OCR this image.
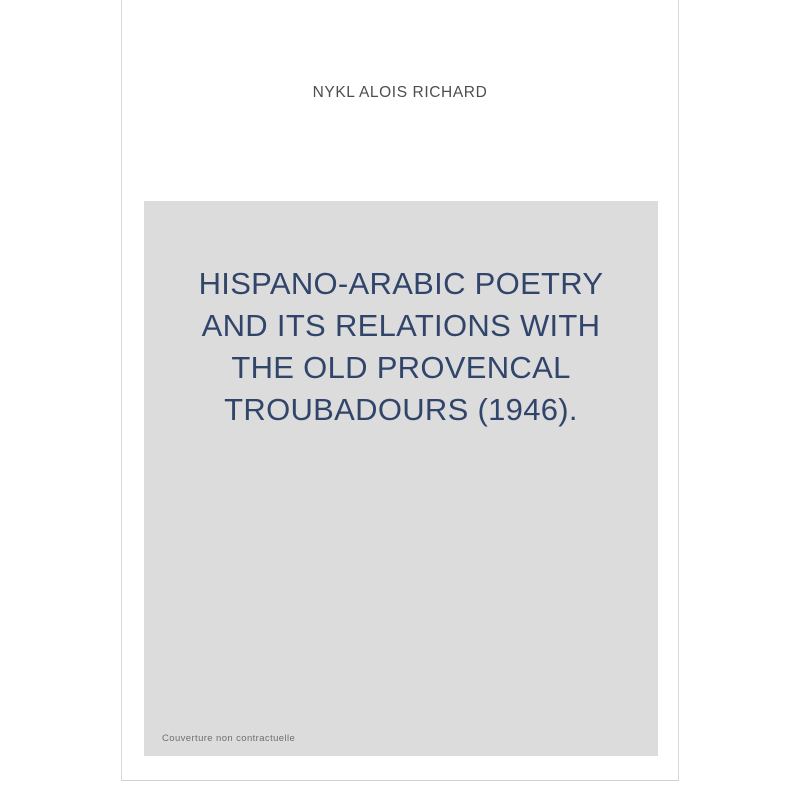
NYKL ALOIS RICHARD
HISPANO-ARABIC POETRY
AND ITS RELATIONS WITH
THE OLD PROVENCAL
TROUBADOURS (1946).
Couverture non contractuelle
